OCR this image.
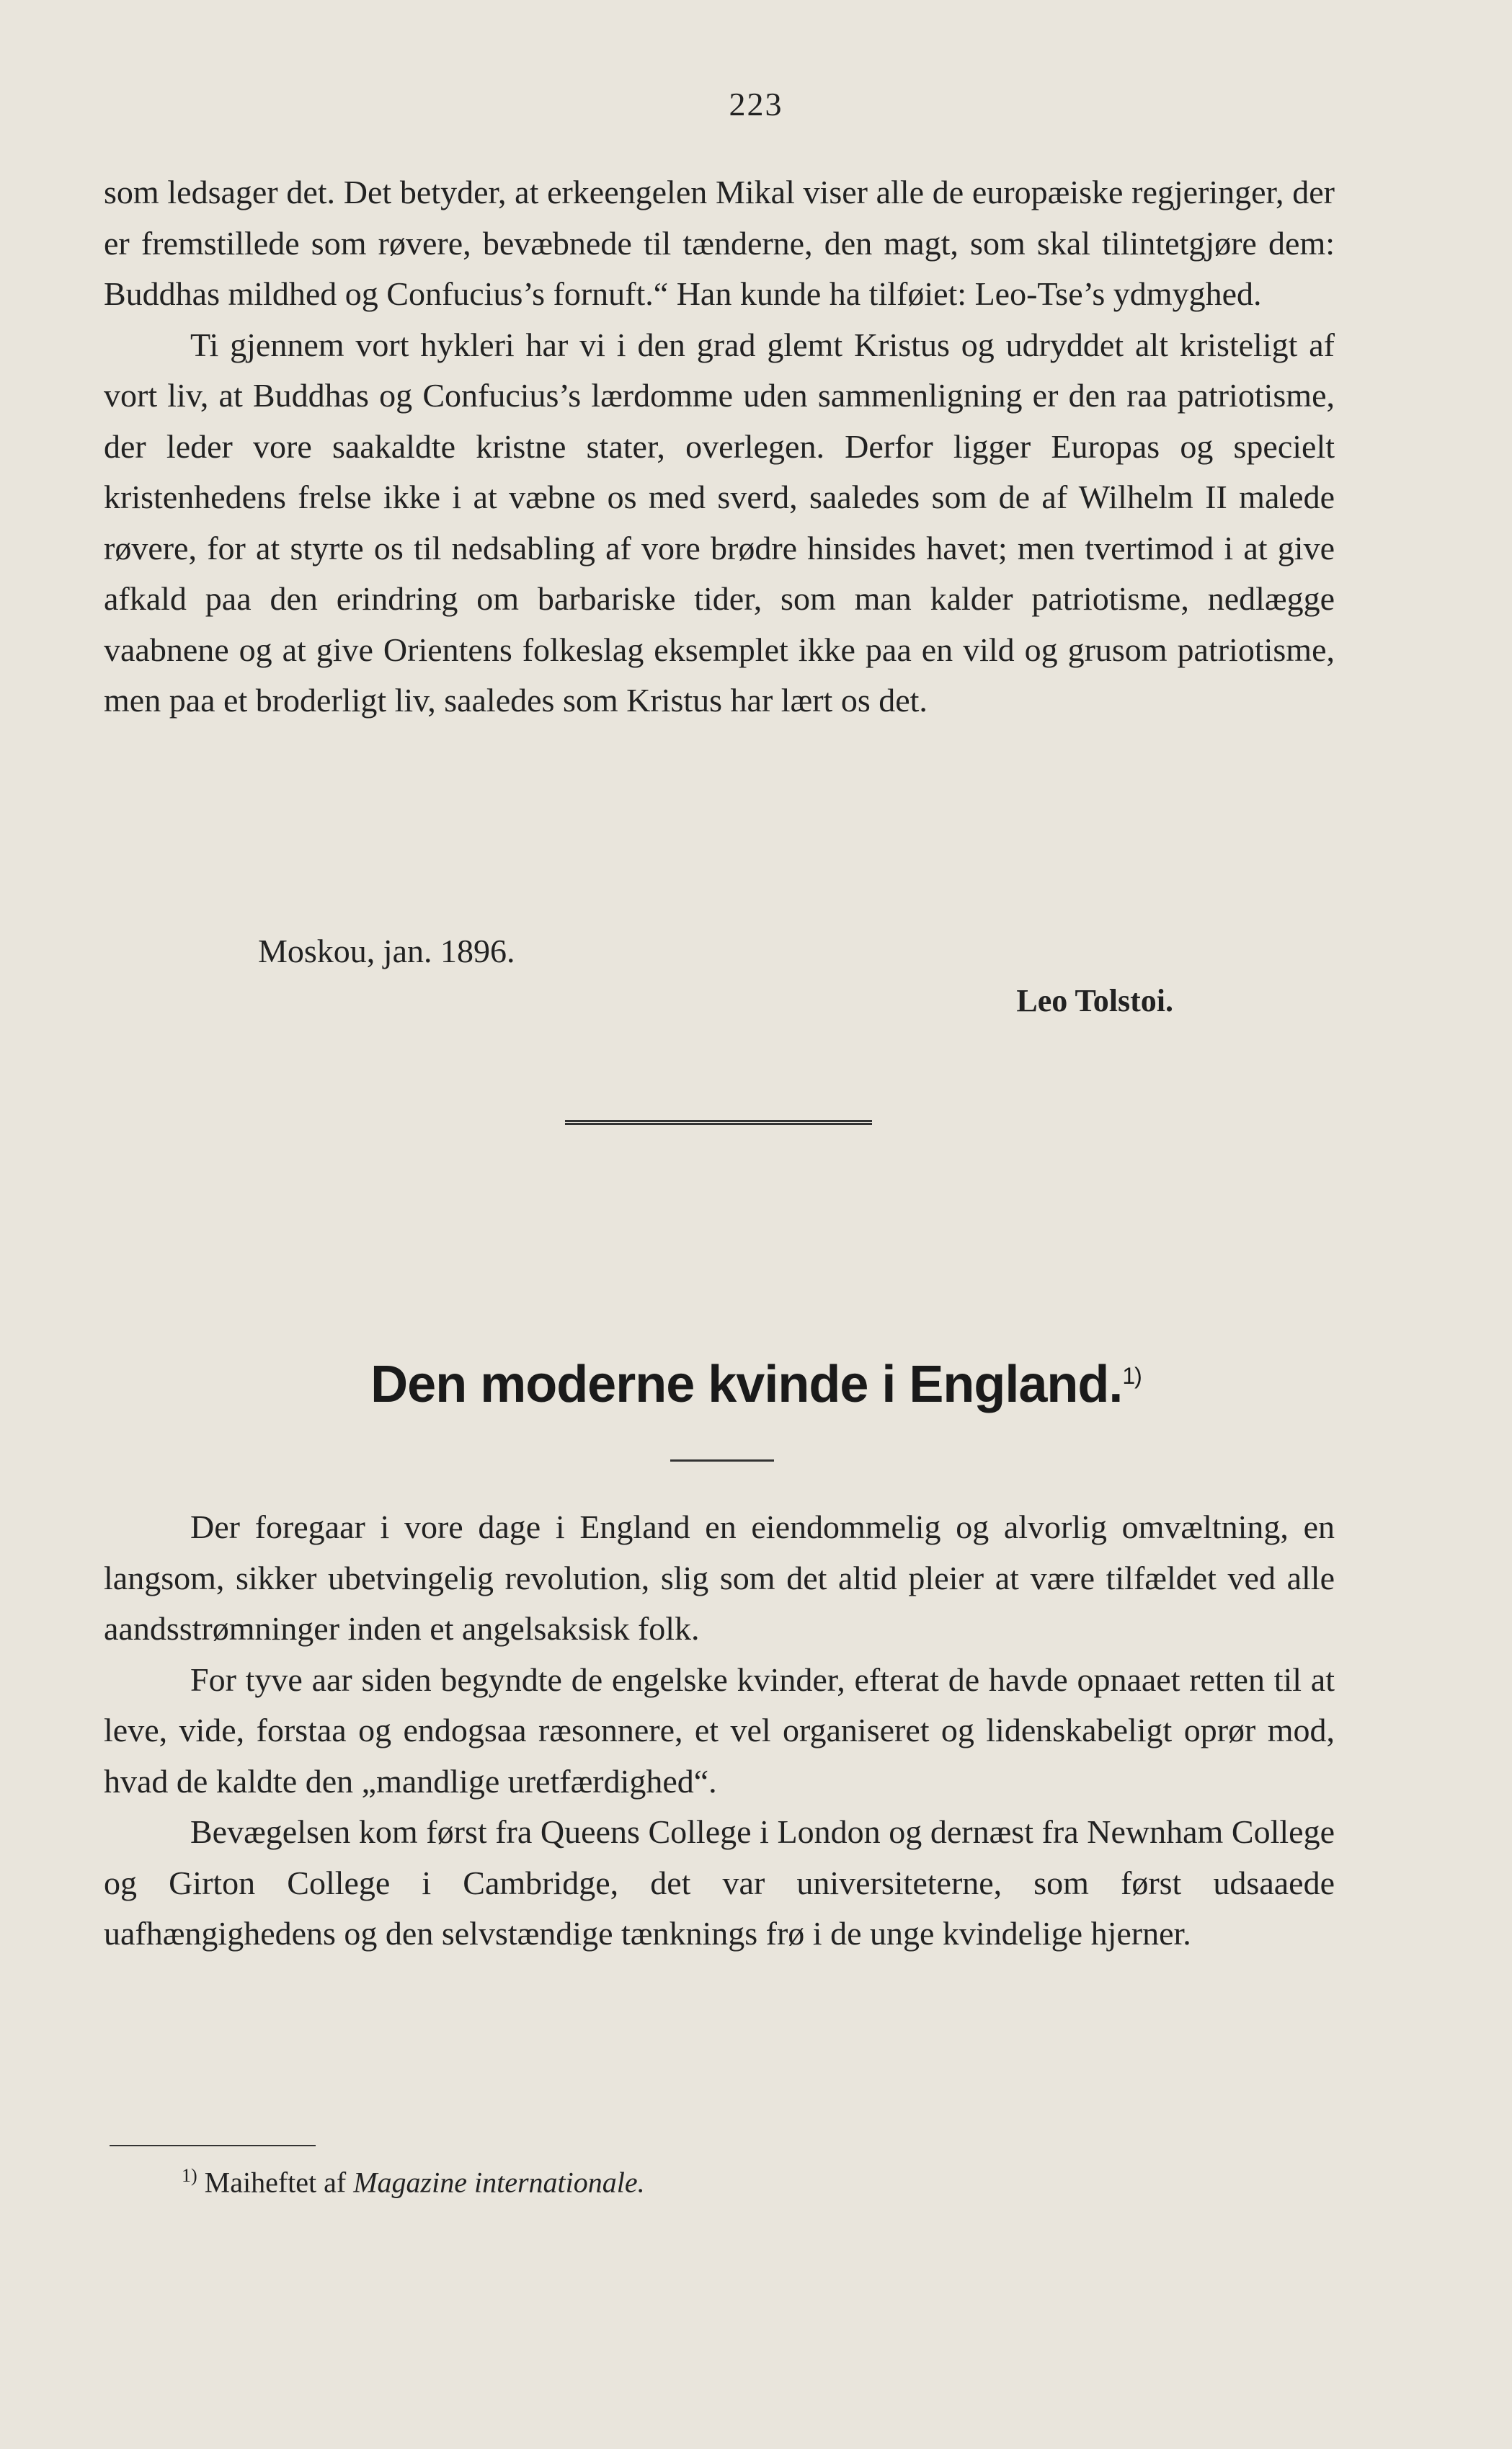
223

som ledsager det. Det betyder, at erkeengelen Mikal viser alle de europæiske regjeringer, der er fremstillede som røvere, bevæbnede til tænderne, den magt, som skal tilintetgjøre dem: Buddhas mildhed og Confucius’s fornuft.“ Han kunde ha tilføiet: Leo-Tse’s ydmyghed.

Ti gjennem vort hykleri har vi i den grad glemt Kristus og udryddet alt kristeligt af vort liv, at Buddhas og Confucius’s lærdomme uden sammenligning er den raa patriotisme, der leder vore saakaldte kristne stater, overlegen. Derfor ligger Europas og specielt kristenhedens frelse ikke i at væbne os med sverd, saaledes som de af Wilhelm II malede røvere, for at styrte os til nedsabling af vore brødre hinsides havet; men tvertimod i at give afkald paa den erindring om barbariske tider, som man kalder patriotisme, nedlægge vaabnene og at give Orientens folkeslag eksemplet ikke paa en vild og grusom patriotisme, men paa et broderligt liv, saaledes som Kristus har lært os det.

Moskou, jan. 1896.
Leo Tolstoi.
Den moderne kvinde i England.$^{1)}$

Der foregaar i vore dage i England en eiendommelig og alvorlig omvæltning, en langsom, sikker ubetvingelig revolution, slig som det altid pleier at være tilfældet ved alle aandsstrømninger inden et angelsaksisk folk.

For tyve aar siden begyndte de engelske kvinder, efterat de havde opnaaet retten til at leve, vide, forstaa og endogsaa ræsonnere, et vel organiseret og lidenskabeligt oprør mod, hvad de kaldte den „mandlige uretfærdighed“.

Bevægelsen kom først fra Queens College i London og dernæst fra Newnham College og Girton College i Cambridge, det var universiteterne, som først udsaaede uafhængighedens og den selvstændige tænknings frø i de unge kvindelige hjerner.

$^{1)}$ Maiheftet af Magazine internationale.
